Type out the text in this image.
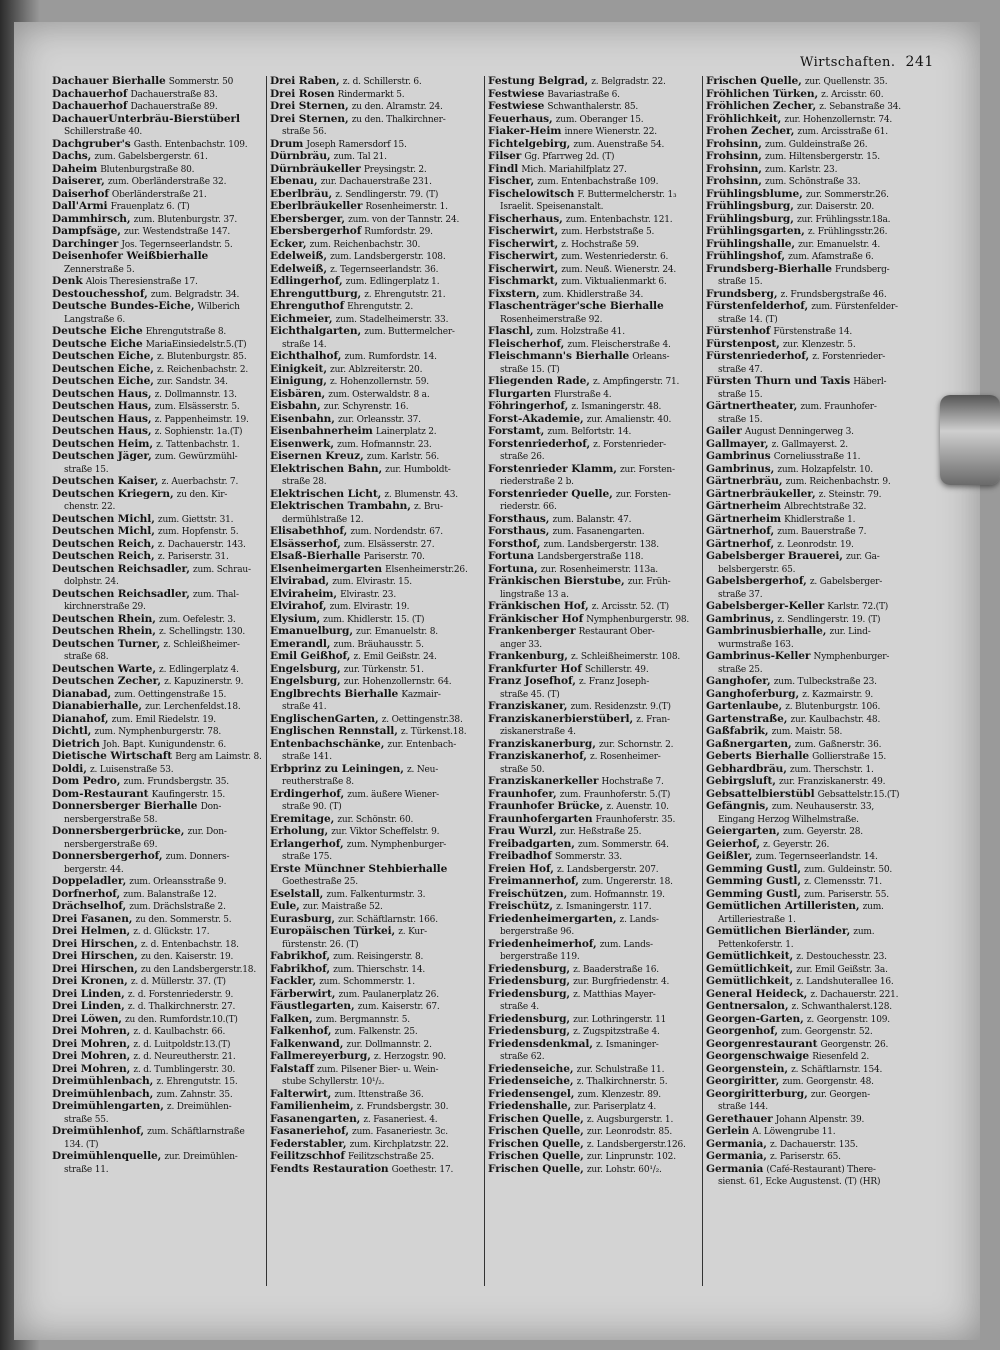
Wirtschaften. 241
Dachauer Bierhalle Sommerstr. 50
Dachauerhof Dachauerstraße 83.
Dachauerhof Dachauerstraße 89.
DachauerUnterbräu-Bierstüberl
Schillerstraße 40.
Dachgruber's Gasth. Entenbachstr. 109.
Dachs, zum. Gabelsbergerstr. 61.
Daheim Blutenburgstraße 80.
Daiserer, zum. Oberländerstraße 32.
Daiserhof Oberländerstraße 21.
Dall'Armi Frauenplatz 6. (T)
Dammhirsch, zum. Blutenburgstr. 37.
Dampfsäge, zur. Westendstraße 147.
Darchinger Jos. Tegernseerlandstr. 5.
Deisenhofer Weißbierhalle
Zennerstraße 5.
Denk Alois Theresienstraße 17.
Destouchesshof, zum. Belgradstr. 34.
Deutsche Bundes-Eiche, Wilberich
Langstraße 6.
Deutsche Eiche Ehrengutstraße 8.
Deutsche Eiche MariaEinsiedelstr.5.(T)
Deutschen Eiche, z. Blutenburgstr. 85.
Deutschen Eiche, z. Reichenbachstr. 2.
Deutschen Eiche, zur. Sandstr. 34.
Deutschen Haus, z. Dollmannstr. 13.
Deutschen Haus, zum. Elsässerstr. 5.
Deutschen Haus, z. Pappenheimstr. 19.
Deutschen Haus, z. Sophienstr. 1a.(T)
Deutschen Heim, z. Tattenbachstr. 1.
Deutschen Jäger, zum. Gewürzmühl-
straße 15.
Deutschen Kaiser, z. Auerbachstr. 7.
Deutschen Kriegern, zu den. Kir-
chenstr. 22.
Deutschen Michl, zum. Giettstr. 31.
Deutschen Michl, zum. Hopfenstr. 5.
Deutschen Reich, z. Dachauerstr. 143.
Deutschen Reich, z. Pariserstr. 31.
Deutschen Reichsadler, zum. Schrau-
dolphstr. 24.
Deutschen Reichsadler, zum. Thal-
kirchnerstraße 29.
Deutschen Rhein, zum. Oefelestr. 3.
Deutschen Rhein, z. Schellingstr. 130.
Deutschen Turner, z. Schleißheimer-
straße 68.
Deutschen Warte, z. Edlingerplatz 4.
Deutschen Zecher, z. Kapuzinerstr. 9.
Dianabad, zum. Oettingenstraße 15.
Dianabierhalle, zur. Lerchenfeldst.18.
Dianahof, zum. Emil Riedelstr. 19.
Dichtl, zum. Nymphenburgerstr. 78.
Dietrich Joh. Bapt. Kunigundenstr. 6.
Dietische Wirtschaft Berg am Laimstr. 8.
Doldi, z. Luisenstraße 53.
Dom Pedro, zum. Frundsbergstr. 35.
Dom-Restaurant Kaufingerstr. 15.
Donnersberger Bierhalle Don-
nersbergerstraße 58.
Donnersbergerbrücke, zur. Don-
nersbergerstraße 69.
Donnersbergerhof, zum. Donners-
bergerstr. 44.
Doppeladler, zum. Orleansstraße 9.
Dorfnerhof, zum. Balanstraße 12.
Drächselhof, zum. Drächslstraße 2.
Drei Fasanen, zu den. Sommerstr. 5.
Drei Helmen, z. d. Glückstr. 17.
Drei Hirschen, z. d. Entenbachstr. 18.
Drei Hirschen, zu den. Kaiserstr. 19.
Drei Hirschen, zu den Landsbergerstr.18.
Drei Kronen, z. d. Müllerstr. 37. (T)
Drei Linden, z. d. Forstenriederstr. 9.
Drei Linden, z. d. Thalkirchnerstr. 27.
Drei Löwen, zu den. Rumfordstr.10.(T)
Drei Mohren, z. d. Kaulbachstr. 66.
Drei Mohren, z. d. Luitpoldstr.13.(T)
Drei Mohren, z. d. Neureutherstr. 21.
Drei Mohren, z. d. Tumblingerstr. 30.
Dreimühlenbach, z. Ehrengutstr. 15.
Dreimühlenbach, zum. Zahnstr. 35.
Dreimühlengarten, z. Dreimühlen-
straße 55.
Dreimühlenhof, zum. Schäftlarnstraße
134. (T)
Dreimühlenquelle, zur. Dreimühlen-
straße 11.
Drei Raben, z. d. Schillerstr. 6.
Drei Rosen Rindermarkt 5.
Drei Sternen, zu den. Alramstr. 24.
Drei Sternen, zu den. Thalkirchner-
straße 56.
Drum Joseph Ramersdorf 15.
Dürnbräu, zum. Tal 21.
Dürnbräukeller Preysingstr. 2.
Ebenau, zur. Dachauerstraße 231.
Eberlbräu, z. Sendlingerstr. 79. (T)
Eberlbräukeller Rosenheimerstr. 1.
Ebersberger, zum. von der Tannstr. 24.
Ebersbergerhof Rumfordstr. 29.
Ecker, zum. Reichenbachstr. 30.
Edelweiß, zum. Landsbergerstr. 108.
Edelweiß, z. Tegernseerlandstr. 36.
Edlingerhof, zum. Edlingerplatz 1.
Ehrenguttburg, z. Ehrengutstr. 21.
Ehrenguthof Ehrengutstr. 2.
Eichmeier, zum. Stadelheimerstr. 33.
Eichthalgarten, zum. Buttermelcher-
straße 14.
Eichthalhof, zum. Rumfordstr. 14.
Einigkeit, zur. Ablzreiterstr. 20.
Einigung, z. Hohenzollernstr. 59.
Eisbären, zum. Osterwaldstr. 8 a.
Eisbahn, zur. Schyrenstr. 16.
Eisenbahn, zur. Orleansstr. 37.
Eisenbahnerheim Lainerplatz 2.
Eisenwerk, zum. Hofmannstr. 23.
Eisernen Kreuz, zum. Karlstr. 56.
Elektrischen Bahn, zur. Humboldt-
straße 28.
Elektrischen Licht, z. Blumenstr. 43.
Elektrischen Trambahn, z. Bru-
dermühlstraße 12.
Elisabethhof, zum. Nordendstr. 67.
Elsässerhof, zum. Elsässerstr. 27.
Elsaß-Bierhalle Pariserstr. 70.
Elsenheimergarten Elsenheimerstr.26.
Elvirabad, zum. Elvirastr. 15.
Elviraheim, Elvirastr. 23.
Elvirahof, zum. Elvirastr. 19.
Elysium, zum. Khidlerstr. 15. (T)
Emanuelburg, zur. Emanuelstr. 8.
Emerandl, zum. Bräuhausstr. 5.
Emil Geißhof, z. Emil Geißstr. 24.
Engelsburg, zur. Türkenstr. 51.
Engelsburg, zur. Hohenzollernstr. 64.
Englbrechts Bierhalle Kazmair-
straße 41.
EnglischenGarten, z. Oettingenstr.38.
Englischen Rennstall, z. Türkenst.18.
Entenbachschänke, zur. Entenbach-
straße 141.
Erbprinz zu Leiningen, z. Neu-
reutherstraße 8.
Erdingerhof, zum. äußere Wiener-
straße 90. (T)
Eremitage, zur. Schönstr. 60.
Erholung, zur. Viktor Scheffelstr. 9.
Erlangerhof, zum. Nymphenburger-
straße 175.
Erste Münchner Stehbierhalle
Goethestraße 25.
Eselstall, zum. Falkenturmstr. 3.
Eule, zur. Maistraße 52.
Eurasburg, zur. Schäftlarnstr. 166.
Europäischen Türkei, z. Kur-
fürstenstr. 26. (T)
Fabrikhof, zum. Reisingerstr. 8.
Fabrikhof, zum. Thierschstr. 14.
Fackler, zum. Schommerstr. 1.
Färberwirt, zum. Paulanerplatz 26.
Fäustlegarten, zum. Kaiserstr. 67.
Falken, zum. Bergmannstr. 5.
Falkenhof, zum. Falkenstr. 25.
Falkenwand, zur. Dollmannstr. 2.
Fallmereyerburg, z. Herzogstr. 90.
Falstaff zum. Pilsener Bier- u. Wein-
stube Schyllerstr. 10¹/₂.
Falterwirt, zum. Ittenstraße 36.
Familienheim, z. Frundsbergstr. 30.
Fasanengarten, z. Fasaneriest. 4.
Fasaneriehof, zum. Fasaneriestr. 3c.
Federstabler, zum. Kirchplatzstr. 22.
Feilitzschhof Feilitzschstraße 25.
Fendts Restauration Goethestr. 17.
Festung Belgrad, z. Belgradstr. 22.
Festwiese Bavariastraße 6.
Festwiese Schwanthalerstr. 85.
Feuerhaus, zum. Oberanger 15.
Fiaker-Heim innere Wienerstr. 22.
Fichtelgebirg, zum. Auenstraße 54.
Filser Gg. Pfarrweg 2d. (T)
Findl Mich. Mariahilfplatz 27.
Fischer, zum. Entenbachstraße 109.
Fischelowitsch F. Buttermelcherstr. 1₃
Israelit. Speisenanstalt.
Fischerhaus, zum. Entenbachstr. 121.
Fischerwirt, zum. Herbststraße 5.
Fischerwirt, z. Hochstraße 59.
Fischerwirt, zum. Westenriederstr. 6.
Fischerwirt, zum. Neuß. Wienerstr. 24.
Fischmarkt, zum. Viktualienmarkt 6.
Fixstern, zum. Khidlerstraße 34.
Flaschenträger'sche Bierhalle
Rosenheimerstraße 92.
Flaschl, zum. Holzstraße 41.
Fleischerhof, zum. Fleischerstraße 4.
Fleischmann's Bierhalle Orleans-
straße 15. (T)
Fliegenden Rade, z. Ampfingerstr. 71.
Flurgarten Flurstraße 4.
Föhringerhof, z. Ismaningerstr. 48.
Forst-Akademie, zur. Amalienstr. 40.
Forstamt, zum. Belfortstr. 14.
Forstenriederhof, z. Forstenrieder-
straße 26.
Forstenrieder Klamm, zur. Forsten-
riederstraße 2 b.
Forstenrieder Quelle, zur. Forsten-
riederstr. 66.
Forsthaus, zum. Balanstr. 47.
Forsthaus, zum. Fasanengarten.
Forsthof, zum. Landsbergerstr. 138.
Fortuna Landsbergerstraße 118.
Fortuna, zur. Rosenheimerstr. 113a.
Fränkischen Bierstube, zur. Früh-
lingstraße 13 a.
Fränkischen Hof, z. Arcisstr. 52. (T)
Fränkischer Hof Nymphenburgerstr. 98.
Frankenberger Restaurant Ober-
anger 33.
Frankenburg, z. Schleißheimerstr. 108.
Frankfurter Hof Schillerstr. 49.
Franz Josefhof, z. Franz Joseph-
straße 45. (T)
Franziskaner, zum. Residenzstr. 9.(T)
Franziskanerbierstüberl, z. Fran-
ziskanerstraße 4.
Franziskanerburg, zur. Schornstr. 2.
Franziskanerhof, z. Rosenheimer-
straße 50.
Franziskanerkeller Hochstraße 7.
Fraunhofer, zum. Fraunhoferstr. 5.(T)
Fraunhofer Brücke, z. Auenstr. 10.
Fraunhofergarten Fraunhoferstr. 35.
Frau Wurzl, zur. Heßstraße 25.
Freibadgarten, zum. Sommerstr. 64.
Freibadhof Sommerstr. 33.
Freien Hof, z. Landsbergerstr. 207.
Freimannerhof, zum. Ungererstr. 18.
Freischützen, zum. Hofmannstr. 19.
Freischütz, z. Ismaningerstr. 117.
Friedenheimergarten, z. Lands-
bergerstraße 96.
Friedenheimerhof, zum. Lands-
bergerstraße 119.
Friedensburg, z. Baaderstraße 16.
Friedensburg, zur. Burgfriedenstr. 4.
Friedensburg, z. Matthias Mayer-
straße 4.
Friedensburg, zur. Lothringerstr. 11
Friedensburg, z. Zugspitzstraße 4.
Friedensdenkmal, z. Ismaninger-
straße 62.
Friedenseiche, zur. Schulstraße 11.
Friedenseiche, z. Thalkirchnerstr. 5.
Friedensengel, zum. Klenzestr. 89.
Friedenshalle, zur. Pariserplatz 4.
Frischen Quelle, z. Augsburgerstr. 1.
Frischen Quelle, zur. Leonrodstr. 85.
Frischen Quelle, z. Landsbergerstr.126.
Frischen Quelle, zur. Linprunstr. 102.
Frischen Quelle, zur. Lohstr. 60¹/₂.
Frischen Quelle, zur. Quellenstr. 35.
Fröhlichen Türken, z. Arcisstr. 60.
Fröhlichen Zecher, z. Sebanstraße 34.
Fröhlichkeit, zur. Hohenzollernstr. 74.
Frohen Zecher, zum. Arcisstraße 61.
Frohsinn, zum. Guldeinstraße 26.
Frohsinn, zum. Hiltensbergerstr. 15.
Frohsinn, zum. Karlstr. 23.
Frohsinn, zum. Schönstraße 33.
Frühlingsblume, zur. Sommerstr.26.
Frühlingsburg, zur. Daiserstr. 20.
Frühlingsburg, zur. Frühlingsstr.18a.
Frühlingsgarten, z. Frühlingsstr.26.
Frühlingshalle, zur. Emanuelstr. 4.
Frühlingshof, zum. Afamstraße 6.
Frundsberg-Bierhalle Frundsberg-
straße 15.
Frundsberg, z. Frundsbergstraße 46.
Fürstenfelderhof, zum. Fürstenfelder-
straße 14. (T)
Fürstenhof Fürstenstraße 14.
Fürstenpost, zur. Klenzestr. 5.
Fürstenriederhof, z. Forstenrieder-
straße 47.
Fürsten Thurn und Taxis Häberl-
straße 15.
Gärtnertheater, zum. Fraunhofer-
straße 15.
Gailer August Denningerweg 3.
Gallmayer, z. Gallmayerst. 2.
Gambrinus Corneliusstraße 11.
Gambrinus, zum. Holzapfelstr. 10.
Gärtnerbräu, zum. Reichenbachstr. 9.
Gärtnerbräukeller, z. Steinstr. 79.
Gärtnerheim Albrechtstraße 32.
Gärtnerheim Khidlerstraße 1.
Gärtnerhof, zum. Bauerstraße 7.
Gärtnerhof, z. Leonrodstr. 19.
Gabelsberger Brauerei, zur. Ga-
belsbergerstr. 65.
Gabelsbergerhof, z. Gabelsberger-
straße 37.
Gabelsberger-Keller Karlstr. 72.(T)
Gambrinus, z. Sendlingerstr. 19. (T)
Gambrinusbierhalle, zur. Lind-
wurmstraße 163.
Gambrinus-Keller Nymphenburger-
straße 25.
Ganghofer, zum. Tulbeckstraße 23.
Ganghoferburg, z. Kazmairstr. 9.
Gartenlaube, z. Blutenburgstr. 106.
Gartenstraße, zur. Kaulbachstr. 48.
Gaßfabrik, zum. Maistr. 58.
Gaßnergarten, zum. Gaßnerstr. 36.
Geberts Bierhalle Gollierstraße 15.
Gebhardbräu, zum. Therschstr. 1.
Gebirgsluft, zur. Franziskanerstr. 49.
Gebsattelbierstübl Gebsattelstr.15.(T)
Gefängnis, zum. Neuhauserstr. 33,
Eingang Herzog Wilhelmstraße.
Geiergarten, zum. Geyerstr. 28.
Geierhof, z. Geyerstr. 26.
Geißler, zum. Tegernseerlandstr. 14.
Gemming Gustl, zum. Guldeinstr. 50.
Gemming Gustl, z. Clemensstr. 71.
Gemming Gustl, zum. Pariserstr. 55.
Gemütlichen Artilleristen, zum.
Artilleriestraße 1.
Gemütlichen Bierländer, zum.
Pettenkoferstr. 1.
Gemütlichkeit, z. Destouchesstr. 23.
Gemütlichkeit, zur. Emil Geißstr. 3a.
Gemütlichkeit, z. Landshuterallee 16.
General Heideck, z. Dachauerstr. 221.
Gentnersalon, z. Schwanthalerst.128.
Georgen-Garten, z. Georgenstr. 109.
Georgenhof, zum. Georgenstr. 52.
Georgenrestaurant Georgenstr. 26.
Georgenschwaige Riesenfeld 2.
Georgenstein, z. Schäftlarnstr. 154.
Georgiritter, zum. Georgenstr. 48.
Georgiritterburg, zur. Georgen-
straße 144.
Gerethauer Johann Alpenstr. 39.
Gerlein A. Löwengrube 11.
Germania, z. Dachauerstr. 135.
Germania, z. Pariserstr. 65.
Germania (Café-Restaurant) There-
sienst. 61, Ecke Augustenst. (T) (HR)
